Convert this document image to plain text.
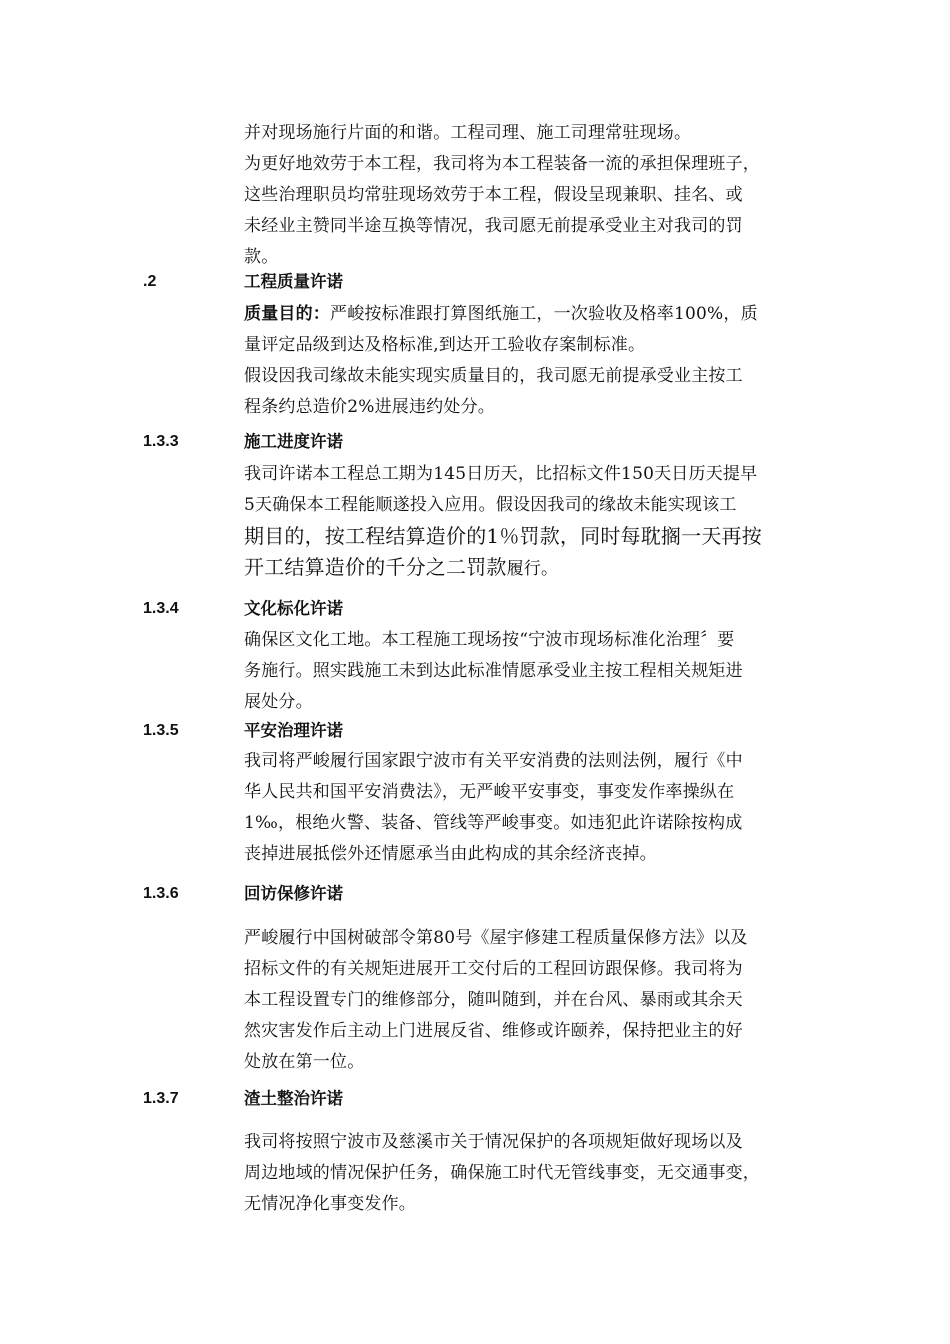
并对现场施行片面的和谐。工程司理、施工司理常驻现场。
为更好地效劳于本工程，我司将为本工程装备一流的承担保理班子，
这些治理职员均常驻现场效劳于本工程，假设呈现兼职、挂名、或
未经业主赞同半途互换等情况，我司愿无前提承受业主对我司的罚
款。
.2	工程质量许诺
质量目的：严峻按标准跟打算图纸施工，一次验收及格率100%，质
量评定品级到达及格标准,到达开工验收存案制标准。
假设因我司缘故未能实现实质量目的，我司愿无前提承受业主按工
程条约总造价2%进展违约处分。
1.3.3	施工进度许诺
我司许诺本工程总工期为145日历天，比招标文件150天日历天提早
5天确保本工程能顺遂投入应用。假设因我司的缘故未能实现该工
期目的，按工程结算造价的1％罚款，同时每耽搁一天再按
开工结算造价的千分之二罚款履行。
1.3.4	文化标化许诺
确保区文化工地。本工程施工现场按“宁波市现场标准化治理〞要
务施行。照实践施工未到达此标准情愿承受业主按工程相关规矩进
展处分。
1.3.5	平安治理许诺
我司将严峻履行国家跟宁波市有关平安消费的法则法例，履行《中
华人民共和国平安消费法》，无严峻平安事变，事变发作率操纵在
1‰，根绝火警、装备、管线等严峻事变。如违犯此许诺除按构成
丧掉进展抵偿外还情愿承当由此构成的其余经济丧掉。
1.3.6	回访保修许诺
严峻履行中国树破部令第80号《屋宇修建工程质量保修方法》以及
招标文件的有关规矩进展开工交付后的工程回访跟保修。我司将为
本工程设置专门的维修部分，随叫随到，并在台风、暴雨或其余天
然灾害发作后主动上门进展反省、维修或许颐养，保持把业主的好
处放在第一位。
1.3.7	渣土整治许诺
我司将按照宁波市及慈溪市关于情况保护的各项规矩做好现场以及
周边地域的情况保护任务，确保施工时代无管线事变，无交通事变，
无情况净化事变发作。
